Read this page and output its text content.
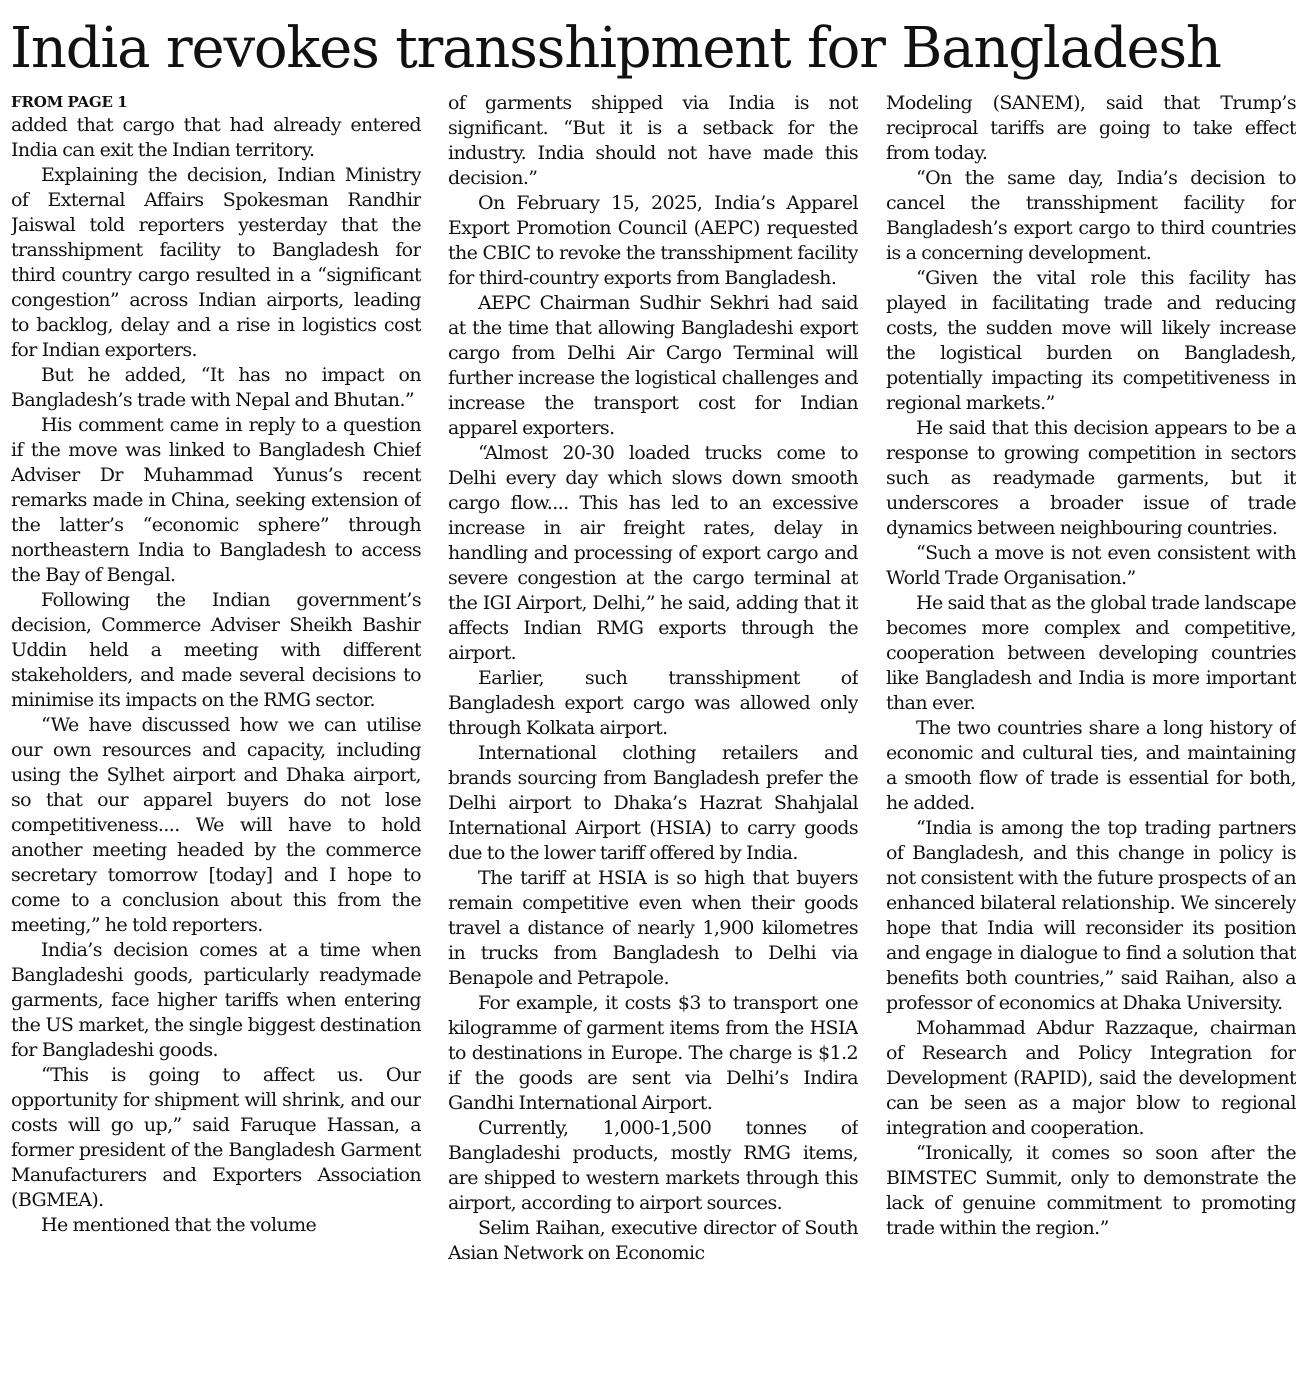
India revokes transshipment for Bangladesh
FROM PAGE 1

added that cargo that had already entered India can exit the Indian territory.

Explaining the decision, Indian Ministry of External Affairs Spokesman Randhir Jaiswal told reporters yesterday that the transshipment facility to Bangladesh for third country cargo resulted in a “significant congestion” across Indian airports, leading to backlog, delay and a rise in logistics cost for Indian exporters.

But he added, “It has no impact on Bangladesh’s trade with Nepal and Bhutan.”

His comment came in reply to a question if the move was linked to Bangladesh Chief Adviser Dr Muhammad Yunus’s recent remarks made in China, seeking extension of the latter’s “economic sphere” through northeastern India to Bangladesh to access the Bay of Bengal.

Following the Indian government’s decision, Commerce Adviser Sheikh Bashir Uddin held a meeting with different stakeholders, and made several decisions to minimise its impacts on the RMG sector.

“We have discussed how we can utilise our own resources and capacity, including using the Sylhet airport and Dhaka airport, so that our apparel buyers do not lose competitiveness.... We will have to hold another meeting headed by the commerce secretary tomorrow [today] and I hope to come to a conclusion about this from the meeting,” he told reporters.

India’s decision comes at a time when Bangladeshi goods, particularly readymade garments, face higher tariffs when entering the US market, the single biggest destination for Bangladeshi goods.

“This is going to affect us. Our opportunity for shipment will shrink, and our costs will go up,” said Faruque Hassan, a former president of the Bangladesh Garment Manufacturers and Exporters Association (BGMEA).

He mentioned that the volume

of garments shipped via India is not significant. “But it is a setback for the industry. India should not have made this decision.”

On February 15, 2025, India’s Apparel Export Promotion Council (AEPC) requested the CBIC to revoke the transshipment facility for third-country exports from Bangladesh.

AEPC Chairman Sudhir Sekhri had said at the time that allowing Bangladeshi export cargo from Delhi Air Cargo Terminal will further increase the logistical challenges and increase the transport cost for Indian apparel exporters.

“Almost 20-30 loaded trucks come to Delhi every day which slows down smooth cargo flow.... This has led to an excessive increase in air freight rates, delay in handling and processing of export cargo and severe congestion at the cargo terminal at the IGI Airport, Delhi,” he said, adding that it affects Indian RMG exports through the airport.

Earlier, such transshipment of Bangladesh export cargo was allowed only through Kolkata airport.

International clothing retailers and brands sourcing from Bangladesh prefer the Delhi airport to Dhaka’s Hazrat Shahjalal International Airport (HSIA) to carry goods due to the lower tariff offered by India.

The tariff at HSIA is so high that buyers remain competitive even when their goods travel a distance of nearly 1,900 kilometres in trucks from Bangladesh to Delhi via Benapole and Petrapole.

For example, it costs $3 to transport one kilogramme of garment items from the HSIA to destinations in Europe. The charge is $1.2 if the goods are sent via Delhi’s Indira Gandhi International Airport.

Currently, 1,000-1,500 tonnes of Bangladeshi products, mostly RMG items, are shipped to western markets through this airport, according to airport sources.

Selim Raihan, executive director of South Asian Network on Economic

Modeling (SANEM), said that Trump’s reciprocal tariffs are going to take effect from today.

“On the same day, India’s decision to cancel the transshipment facility for Bangladesh’s export cargo to third countries is a concerning development.

“Given the vital role this facility has played in facilitating trade and reducing costs, the sudden move will likely increase the logistical burden on Bangladesh, potentially impacting its competitiveness in regional markets.”

He said that this decision appears to be a response to growing competition in sectors such as readymade garments, but it underscores a broader issue of trade dynamics between neighbouring countries.

“Such a move is not even consistent with World Trade Organisation.”

He said that as the global trade landscape becomes more complex and competitive, cooperation between developing countries like Bangladesh and India is more important than ever.

The two countries share a long history of economic and cultural ties, and maintaining a smooth flow of trade is essential for both, he added.

“India is among the top trading partners of Bangladesh, and this change in policy is not consistent with the future prospects of an enhanced bilateral relationship. We sincerely hope that India will reconsider its position and engage in dialogue to find a solution that benefits both countries,” said Raihan, also a professor of economics at Dhaka University.

Mohammad Abdur Razzaque, chairman of Research and Policy Integration for Development (RAPID), said the development can be seen as a major blow to regional integration and cooperation.

“Ironically, it comes so soon after the BIMSTEC Summit, only to demonstrate the lack of genuine commitment to promoting trade within the region.”
